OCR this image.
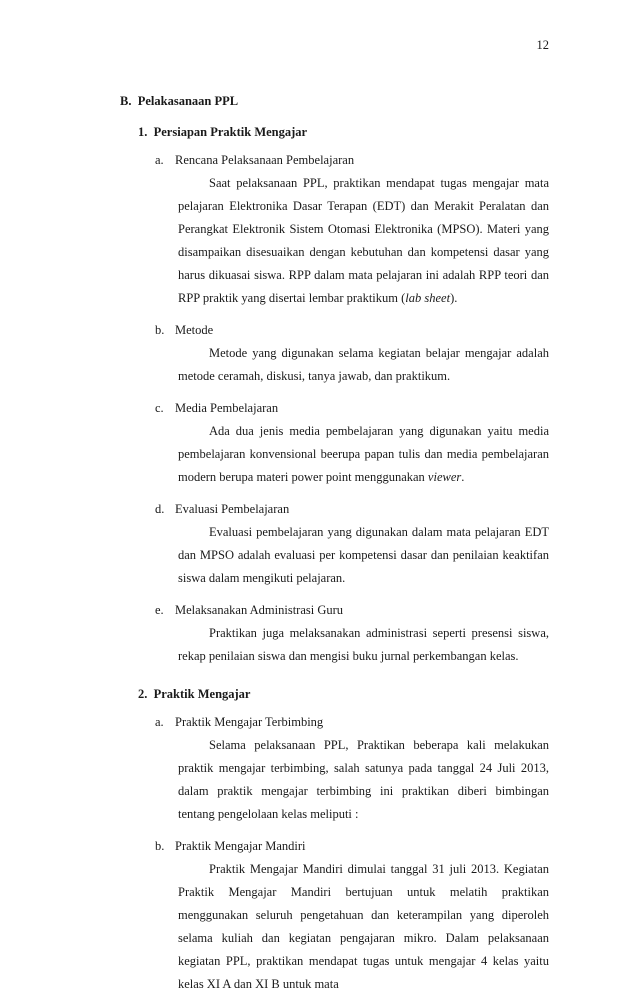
12
B. Pelakasanaan PPL
1. Persiapan Praktik Mengajar
a. Rencana Pelaksanaan Pembelajaran
Saat pelaksanaan PPL, praktikan mendapat tugas mengajar mata pelajaran Elektronika Dasar Terapan (EDT) dan Merakit Peralatan dan Perangkat Elektronik Sistem Otomasi Elektronika (MPSO). Materi yang disampaikan disesuaikan dengan kebutuhan dan kompetensi dasar yang harus dikuasai siswa. RPP dalam mata pelajaran ini adalah RPP teori dan RPP praktik yang disertai lembar praktikum (lab sheet).
b. Metode
Metode yang digunakan selama kegiatan belajar mengajar adalah metode ceramah, diskusi, tanya jawab, dan praktikum.
c. Media Pembelajaran
Ada dua jenis media pembelajaran yang digunakan yaitu media pembelajaran konvensional beerupa papan tulis dan media pembelajaran modern berupa materi power point menggunakan viewer.
d. Evaluasi Pembelajaran
Evaluasi pembelajaran yang digunakan dalam mata pelajaran EDT dan MPSO adalah evaluasi per kompetensi dasar dan penilaian keaktifan siswa dalam mengikuti pelajaran.
e. Melaksanakan Administrasi Guru
Praktikan juga melaksanakan administrasi seperti presensi siswa, rekap penilaian siswa dan mengisi buku jurnal perkembangan kelas.
2. Praktik Mengajar
a. Praktik Mengajar Terbimbing
Selama pelaksanaan PPL, Praktikan beberapa kali melakukan praktik mengajar terbimbing, salah satunya pada tanggal 24 Juli 2013, dalam praktik mengajar terbimbing ini praktikan diberi bimbingan tentang pengelolaan kelas meliputi :
b. Praktik Mengajar Mandiri
Praktik Mengajar Mandiri dimulai tanggal 31 juli 2013. Kegiatan Praktik Mengajar Mandiri bertujuan untuk melatih praktikan menggunakan seluruh pengetahuan dan keterampilan yang diperoleh selama kuliah dan kegiatan pengajaran mikro. Dalam pelaksanaan kegiatan PPL, praktikan mendapat tugas untuk mengajar 4 kelas yaitu kelas XI A dan XI B untuk mata
